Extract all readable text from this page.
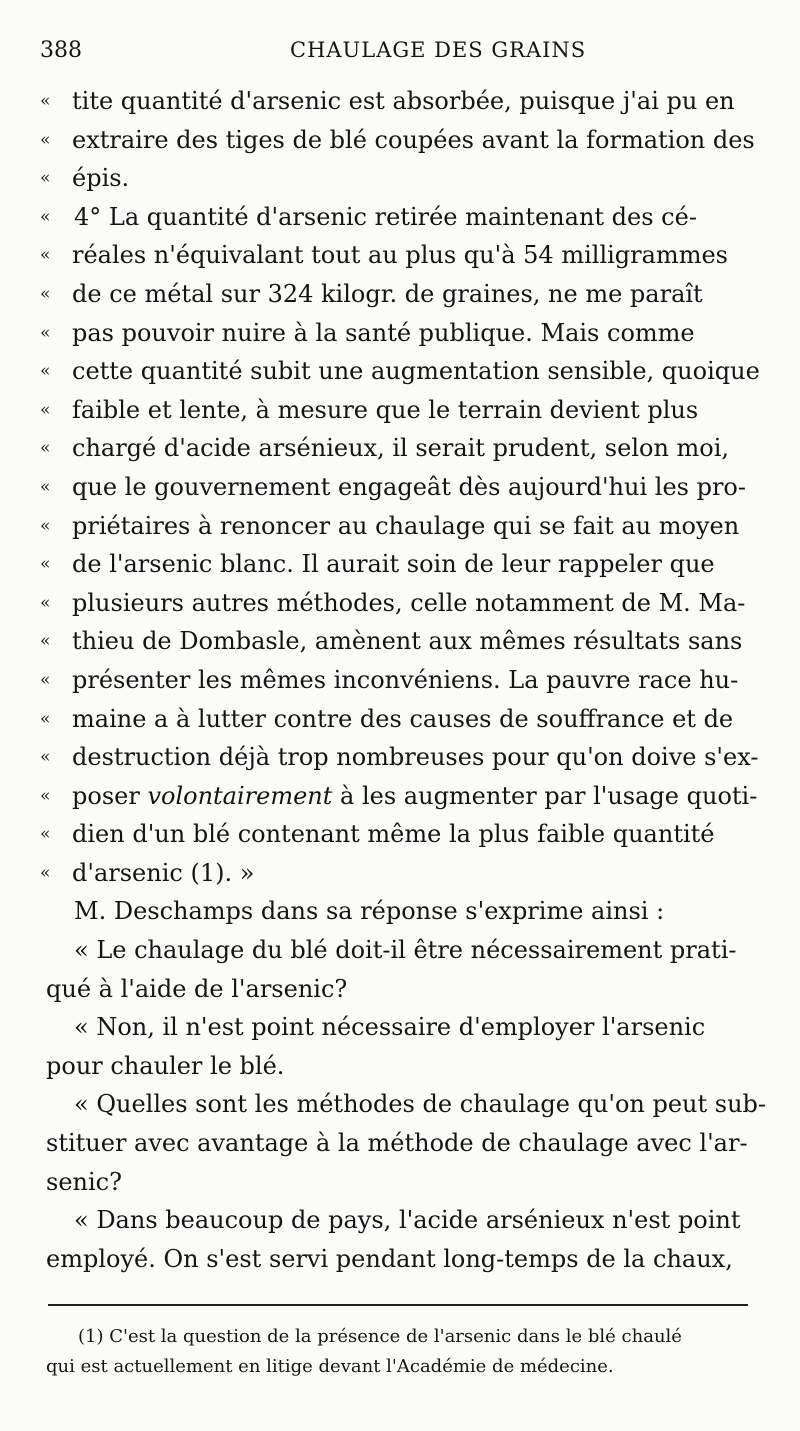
388	CHAULAGE DES GRAINS
« tite quantité d'arsenic est absorbée, puisque j'ai pu en
« extraire des tiges de blé coupées avant la formation des
« épis.
« 4° La quantité d'arsenic retirée maintenant des cé-
« réales n'équivalant tout au plus qu'à 54 milligrammes
« de ce métal sur 324 kilogr. de graines, ne me paraît
« pas pouvoir nuire à la santé publique. Mais comme
« cette quantité subit une augmentation sensible, quoique
« faible et lente, à mesure que le terrain devient plus
« chargé d'acide arsénieux, il serait prudent, selon moi,
« que le gouvernement engageât dès aujourd'hui les pro-
« priétaires à renoncer au chaulage qui se fait au moyen
« de l'arsenic blanc. Il aurait soin de leur rappeler que
« plusieurs autres méthodes, celle notamment de M. Ma-
« thieu de Dombasle, amènent aux mêmes résultats sans
« présenter les mêmes inconvéniens. La pauvre race hu-
« maine a à lutter contre des causes de souffrance et de
« destruction déjà trop nombreuses pour qu'on doive s'ex-
« poser volontairement à les augmenter par l'usage quoti-
« dien d'un blé contenant même la plus faible quantité
« d'arsenic (1). »
M. Deschamps dans sa réponse s'exprime ainsi :
« Le chaulage du blé doit-il être nécessairement prati-
qué à l'aide de l'arsenic?
« Non, il n'est point nécessaire d'employer l'arsenic
pour chauler le blé.
« Quelles sont les méthodes de chaulage qu'on peut sub-
stituer avec avantage à la méthode de chaulage avec l'ar-
senic?
« Dans beaucoup de pays, l'acide arsénieux n'est point
employé. On s'est servi pendant long-temps de la chaux,
(1) C'est la question de la présence de l'arsenic dans le blé chaulé
qui est actuellement en litige devant l'Académie de médecine.
